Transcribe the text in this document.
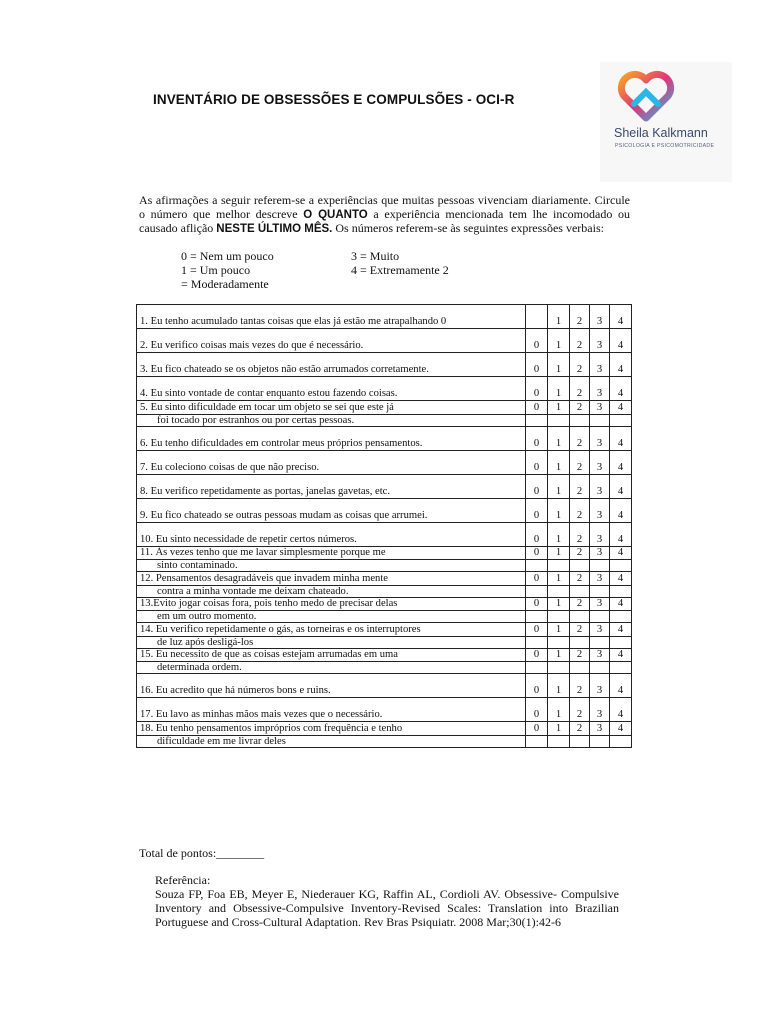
INVENTÁRIO DE OBSESSÕES E COMPULSÕES - OCI-R
Sheila Kalkmann
PSICOLOGIA E PSICOMOTRICIDADE
As afirmações a seguir referem-se a experiências que muitas pessoas vivenciam diariamente. Circule o número que melhor descreve O QUANTO a experiência mencionada tem lhe incomodado ou causado aflição NESTE ÚLTIMO MÊS. Os números referem-se às seguintes expressões verbais:
0 = Nem um pouco
1 = Um pouco
= Moderadamente
3 = Muito
4 = Extremamente 2
1. Eu tenho acumulado tantas coisas que elas já estão me atrapalhando 0		1	2	3	4
2. Eu verifico coisas mais vezes do que é necessário.	0	1	2	3	4
3. Eu fico chateado se os objetos não estão arrumados corretamente.	0	1	2	3	4
4. Eu sinto vontade de contar enquanto estou fazendo coisas.	0	1	2	3	4
5. Eu sinto dificuldade em tocar um objeto se sei que este já	0	1	2	3	4
foi tocado por estranhos ou por certas pessoas.					
6. Eu tenho dificuldades em controlar meus próprios pensamentos.	0	1	2	3	4
7. Eu coleciono coisas de que não preciso.	0	1	2	3	4
8. Eu verifico repetidamente as portas, janelas gavetas, etc.	0	1	2	3	4
9. Eu fico chateado se outras pessoas mudam as coisas que arrumei.	0	1	2	3	4
10. Eu sinto necessidade de repetir certos números.	0	1	2	3	4
11. Às vezes tenho que me lavar simplesmente porque me	0	1	2	3	4
sinto contaminado.					
12. Pensamentos desagradáveis que invadem minha mente	0	1	2	3	4
contra a minha vontade me deixam chateado.					
13.Evito jogar coisas fora, pois tenho medo de precisar delas	0	1	2	3	4
em um outro momento.					
14. Eu verifico repetidamente o gás, as torneiras e os interruptores	0	1	2	3	4
de luz após desligá-los					
15. Eu necessito de que as coisas estejam arrumadas em uma	0	1	2	3	4
determinada ordem.					
16. Eu acredito que há números bons e ruins.	0	1	2	3	4
17. Eu lavo as minhas mãos mais vezes que o necessário.	0	1	2	3	4
18. Eu tenho pensamentos impróprios com frequência e tenho	0	1	2	3	4
dificuldade em me livrar deles					
Total de pontos:________
Referência:
Souza FP, Foa EB, Meyer E, Niederauer KG, Raffin AL, Cordioli AV. Obsessive- Compulsive Inventory and Obsessive-Compulsive Inventory-Revised Scales: Translation into Brazilian Portuguese and Cross-Cultural Adaptation. Rev Bras Psiquiatr. 2008 Mar;30(1):42-6
